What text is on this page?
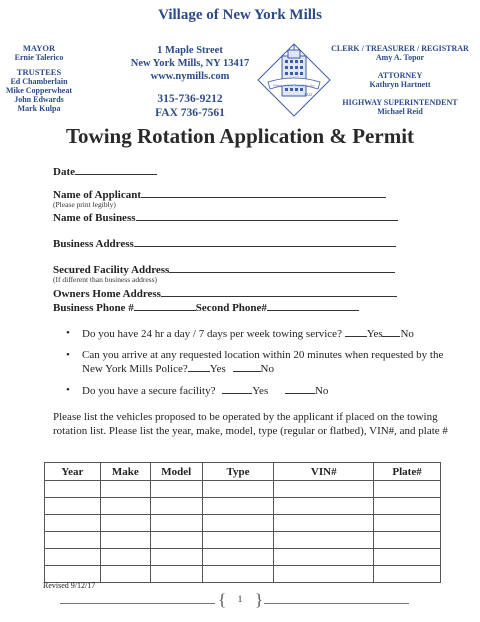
Village of New York Mills
MAYOR
Ernie Talerico
TRUSTEES
Ed Chamberlain
Mike Copperwheat
John Edwards
Mark Kulpa
1 Maple Street
New York Mills, NY 13417
www.nymills.com
315-736-9212
FAX 736-7561
Village of New York Mills, Inc.
1922
CLERK / TREASURER / REGISTRAR
Amy A. Topor
ATTORNEY
Kathryn Hartnett
HIGHWAY SUPERINTENDENT
Michael Reid
Towing Rotation Application & Permit
Date
Name of Applicant
(Please print legibly)
Name of Business
Business Address
Secured Facility Address
(If different than business address)
Owners Home Address
Business Phone #	Second Phone#
• Do you have 24 hr a day / 7 days per week towing service? Yes No
• Can you arrive at any requested location within 20 minutes when requested by the New York Mills Police? Yes	No
• Do you have a secure facility?	Yes	No
Please list the vehicles proposed to be operated by the applicant if placed on the towing rotation list. Please list the year, make, model, type (regular or flatbed), VIN#, and plate #
Year	Make	Model	Type	VIN#	Plate#

Revised 9/12/17
{ }
1
